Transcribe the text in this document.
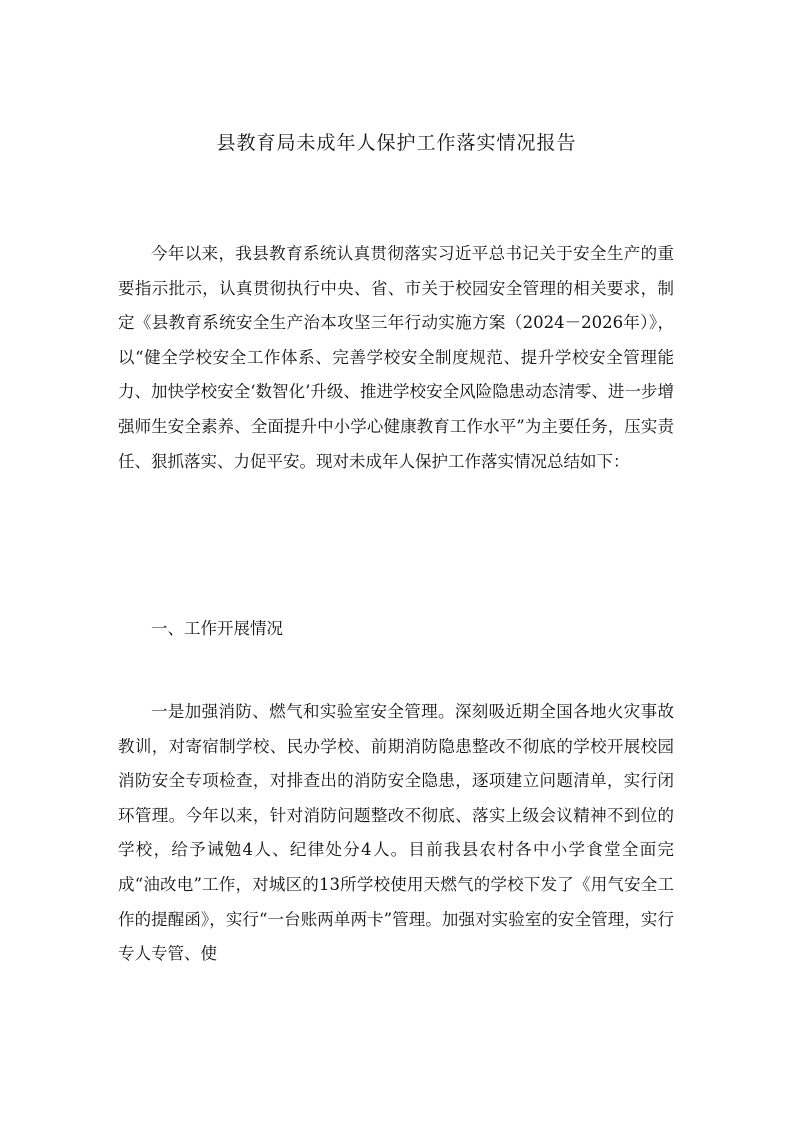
县教育局未成年人保护工作落实情况报告

今年以来，我县教育系统认真贯彻落实习近平总书记关于安全生产的重要指示批示，认真贯彻执行中央、省、市关于校园安全管理的相关要求，制定《县教育系统安全生产治本攻坚三年行动实施方案（2024－2026年）》，以“健全学校安全工作体系、完善学校安全制度规范、提升学校安全管理能力、加快学校安全‘数智化’升级、推进学校安全风险隐患动态清零、进一步增强师生安全素养、全面提升中小学心健康教育工作水平”为主要任务，压实责任、狠抓落实、力促平安。现对未成年人保护工作落实情况总结如下：

一、工作开展情况

一是加强消防、燃气和实验室安全管理。深刻吸近期全国各地火灾事故教训，对寄宿制学校、民办学校、前期消防隐患整改不彻底的学校开展校园消防安全专项检查，对排查出的消防安全隐患，逐项建立问题清单，实行闭环管理。今年以来，针对消防问题整改不彻底、落实上级会议精神不到位的学校，给予诫勉4人、纪律处分4人。目前我县农村各中小学食堂全面完成“油改电”工作，对城区的13所学校使用天燃气的学校下发了《用气安全工作的提醒函》，实行“一台账两单两卡”管理。加强对实验室的安全管理，实行专人专管、使
